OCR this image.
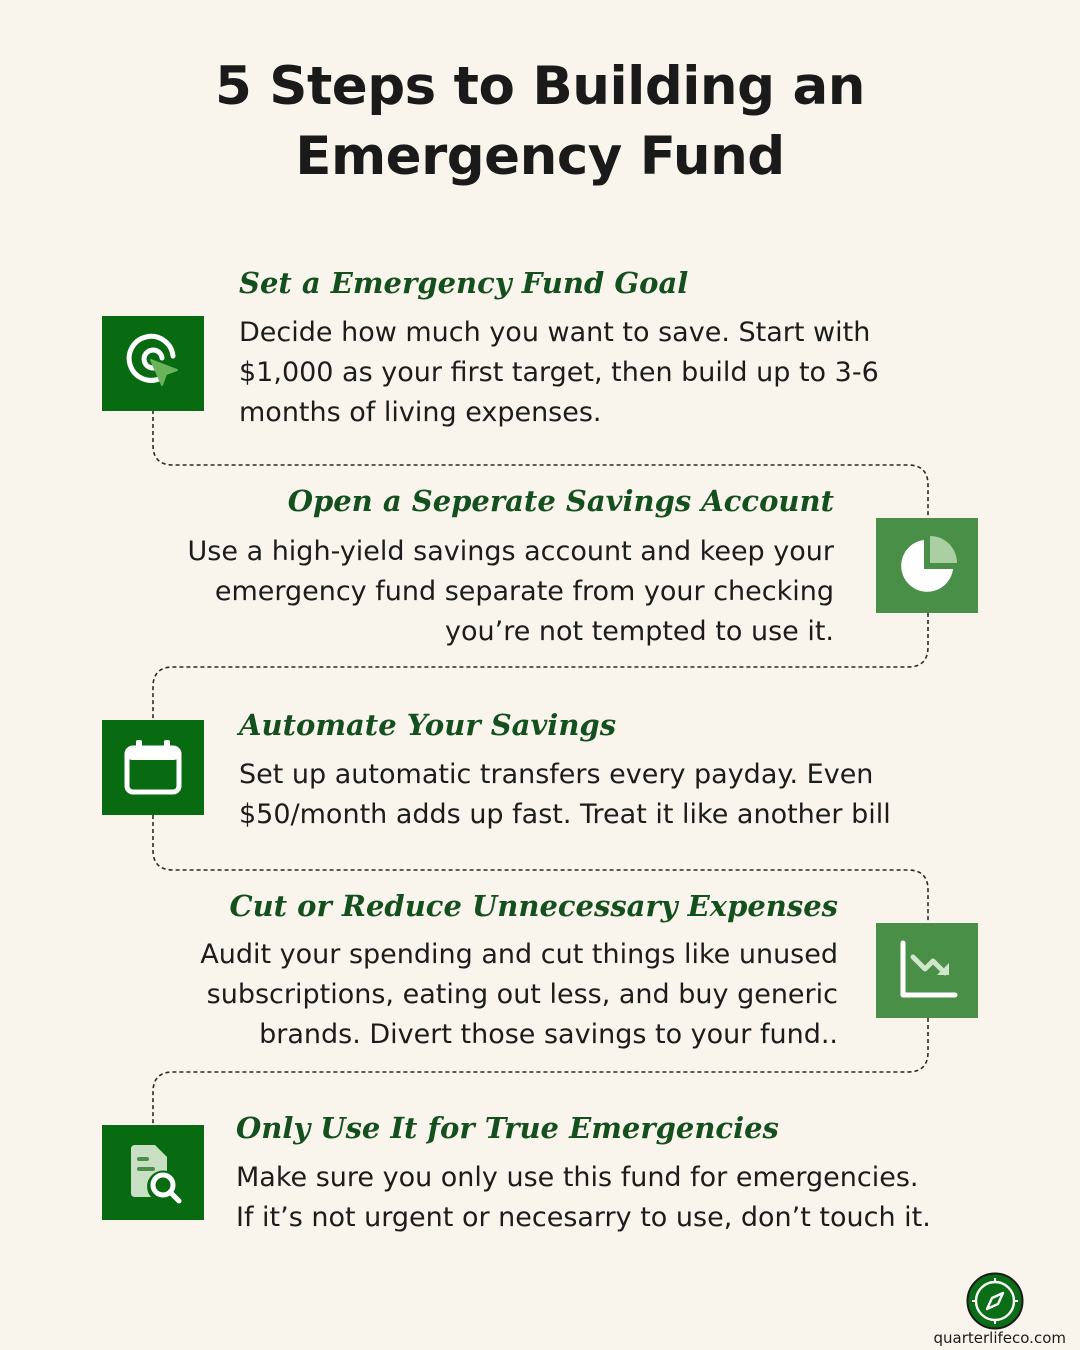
5 Steps to Building an
Emergency Fund
Set a Emergency Fund Goal
Decide how much you want to save. Start with
$1,000 as your first target, then build up to 3-6
months of living expenses.
Open a Seperate Savings Account
Use a high-yield savings account and keep your
emergency fund separate from your checking
you’re not tempted to use it.
Automate Your Savings
Set up automatic transfers every payday. Even
$50/month adds up fast. Treat it like another bill
Cut or Reduce Unnecessary Expenses
Audit your spending and cut things like unused
subscriptions, eating out less, and buy generic
brands. Divert those savings to your fund..
Only Use It for True Emergencies
Make sure you only use this fund for emergencies.
If it’s not urgent or necesarry to use, don’t touch it.
quarterlifeco.com
